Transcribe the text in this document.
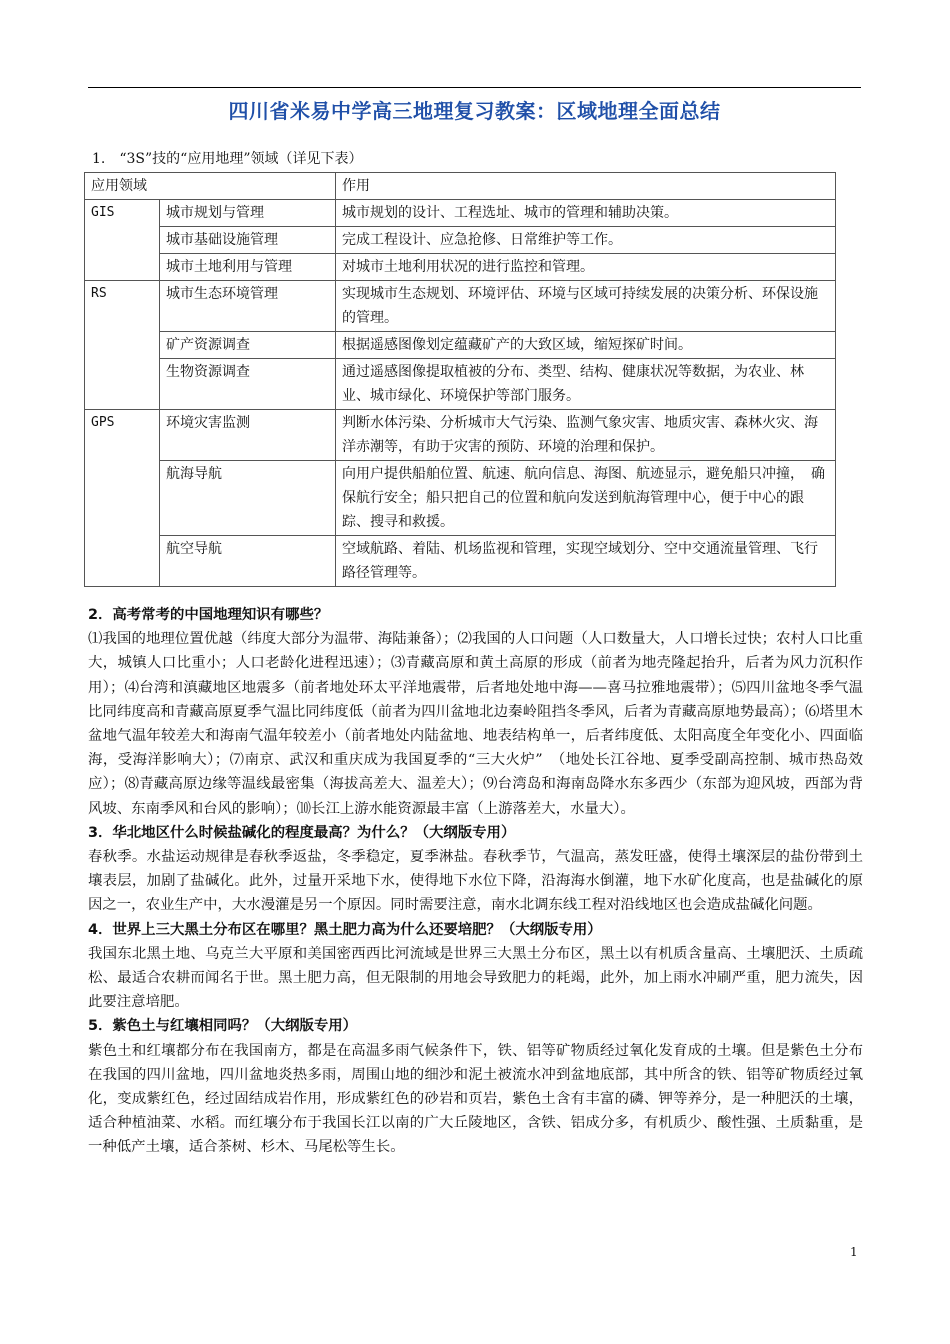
四川省米易中学高三地理复习教案：区域地理全面总结
1.　“3S”技的“应用地理”领域（详见下表）
应用领域		作用
GIS	城市规划与管理	城市规划的设计、工程选址、城市的管理和辅助决策。
	城市基础设施管理	完成工程设计、应急抢修、日常维护等工作。
	城市土地利用与管理	对城市土地利用状况的进行监控和管理。
RS	城市生态环境管理	实现城市生态规划、环境评估、环境与区域可持续发展的决策分析、环保设施的管理。
	矿产资源调查	根据遥感图像划定蕴藏矿产的大致区域，缩短探矿时间。
	生物资源调查	通过遥感图像提取植被的分布、类型、结构、健康状况等数据，为农业、林业、城市绿化、环境保护等部门服务。
GPS	环境灾害监测	判断水体污染、分析城市大气污染、监测气象灾害、地质灾害、森林火灾、海洋赤潮等，有助于灾害的预防、环境的治理和保护。
	航海导航	向用户提供船舶位置、航速、航向信息、海图、航迹显示，避免船只冲撞，　确保航行安全；船只把自己的位置和航向发送到航海管理中心，便于中心的跟踪、搜寻和救援。
	航空导航	空域航路、着陆、机场监视和管理，实现空域划分、空中交通流量管理、飞行路径管理等。
2．高考常考的中国地理知识有哪些？
⑴我国的地理位置优越（纬度大部分为温带、海陆兼备）；⑵我国的人口问题（人口数量大，人口增长过快；农村人口比重大，城镇人口比重小；人口老龄化进程迅速）；⑶青藏高原和黄土高原的形成（前者为地壳隆起抬升，后者为风力沉积作用）；⑷台湾和滇藏地区地震多（前者地处环太平洋地震带，后者地处地中海——喜马拉雅地震带）；⑸四川盆地冬季气温比同纬度高和青藏高原夏季气温比同纬度低（前者为四川盆地北边秦岭阻挡冬季风，后者为青藏高原地势最高）；⑹塔里木盆地气温年较差大和海南气温年较差小（前者地处内陆盆地、地表结构单一，后者纬度低、太阳高度全年变化小、四面临海，受海洋影响大）；⑺南京、武汉和重庆成为我国夏季的“三大火炉”　（地处长江谷地、夏季受副高控制、城市热岛效应）；⑻青藏高原边缘等温线最密集（海拔高差大、温差大）；⑼台湾岛和海南岛降水东多西少（东部为迎风坡，西部为背风坡、东南季风和台风的影响）；⑽长江上游水能资源最丰富（上游落差大，水量大）。
3．华北地区什么时候盐碱化的程度最高？为什么？（大纲版专用）
春秋季。水盐运动规律是春秋季返盐，冬季稳定，夏季淋盐。春秋季节，气温高，蒸发旺盛，使得土壤深层的盐份带到土壤表层，加剧了盐碱化。此外，过量开采地下水，使得地下水位下降，沿海海水倒灌，地下水矿化度高，也是盐碱化的原因之一，农业生产中，大水漫灌是另一个原因。同时需要注意，南水北调东线工程对沿线地区也会造成盐碱化问题。
4．世界上三大黑土分布区在哪里？黑土肥力高为什么还要培肥？（大纲版专用）
我国东北黑土地、乌克兰大平原和美国密西西比河流域是世界三大黑土分布区，黑土以有机质含量高、土壤肥沃、土质疏松、最适合农耕而闻名于世。黑土肥力高，但无限制的用地会导致肥力的耗竭，此外，加上雨水冲刷严重，肥力流失，因此要注意培肥。
5．紫色土与红壤相同吗？（大纲版专用）
紫色土和红壤都分布在我国南方，都是在高温多雨气候条件下，铁、铝等矿物质经过氧化发育成的土壤。但是紫色土分布在我国的四川盆地，四川盆地炎热多雨，周围山地的细沙和泥土被流水冲到盆地底部，其中所含的铁、铝等矿物质经过氧化，变成紫红色，经过固结成岩作用，形成紫红色的砂岩和页岩，紫色土含有丰富的磷、钾等养分，是一种肥沃的土壤，适合种植油菜、水稻。而红壤分布于我国长江以南的广大丘陵地区，含铁、铝成分多，有机质少、酸性强、土质黏重，是一种低产土壤，适合茶树、杉木、马尾松等生长。
1
